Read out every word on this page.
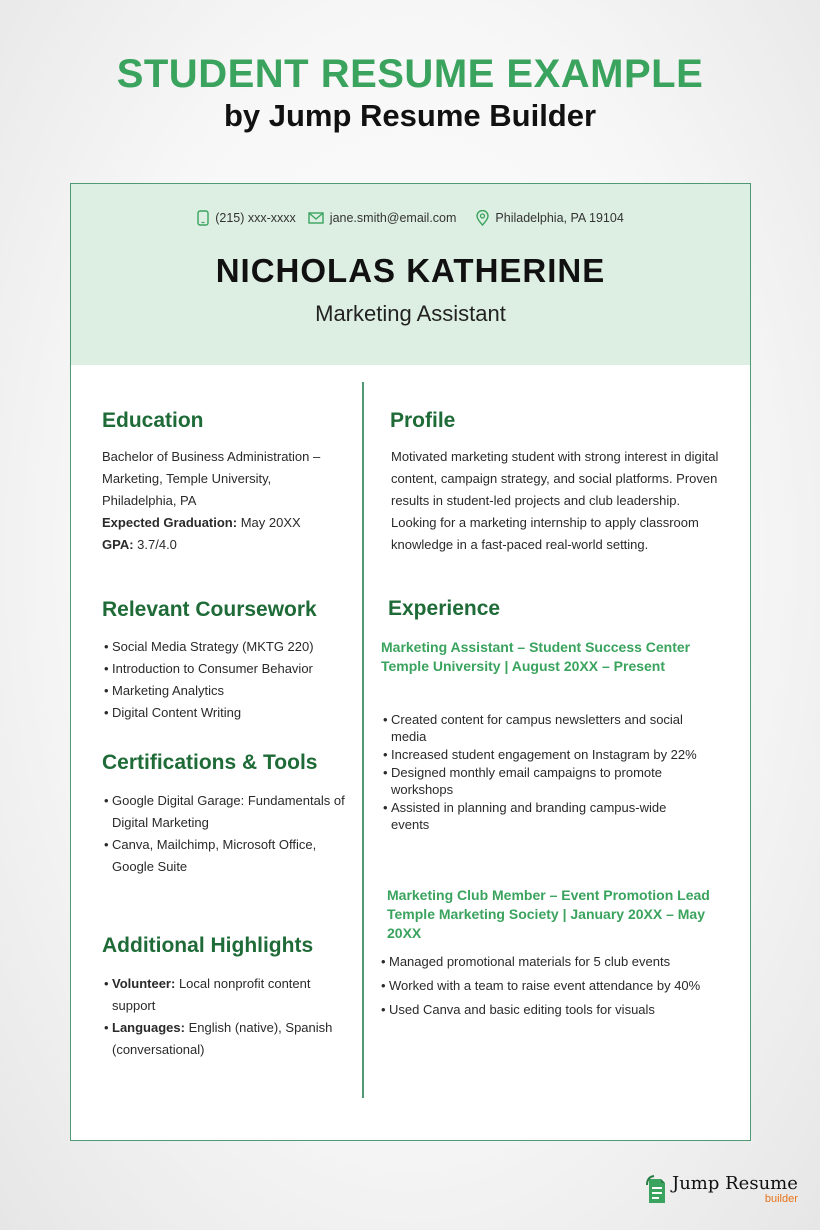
STUDENT RESUME EXAMPLE
by Jump Resume Builder
(215) xxx-xxxx	jane.smith@email.com	Philadelphia, PA 19104
NICHOLAS KATHERINE
Marketing Assistant
Education
Bachelor of Business Administration –
Marketing, Temple University,
Philadelphia, PA
Expected Graduation: May 20XX
GPA: 3.7/4.0
Relevant Coursework
• Social Media Strategy (MKTG 220)
• Introduction to Consumer Behavior
• Marketing Analytics
• Digital Content Writing
Certifications & Tools
• Google Digital Garage: Fundamentals of Digital Marketing
• Canva, Mailchimp, Microsoft Office, Google Suite
Additional Highlights
• Volunteer: Local nonprofit content support
• Languages: English (native), Spanish (conversational)
Profile
Motivated marketing student with strong interest in digital content, campaign strategy, and social platforms. Proven results in student-led projects and club leadership. Looking for a marketing internship to apply classroom knowledge in a fast-paced real-world setting.
Experience
Marketing Assistant – Student Success Center Temple University | August 20XX – Present
• Created content for campus newsletters and social media
• Increased student engagement on Instagram by 22%
• Designed monthly email campaigns to promote workshops
• Assisted in planning and branding campus-wide events
Marketing Club Member – Event Promotion Lead Temple Marketing Society | January 20XX – May 20XX
• Managed promotional materials for 5 club events
• Worked with a team to raise event attendance by 40%
• Used Canva and basic editing tools for visuals
Jump Resume
builder
